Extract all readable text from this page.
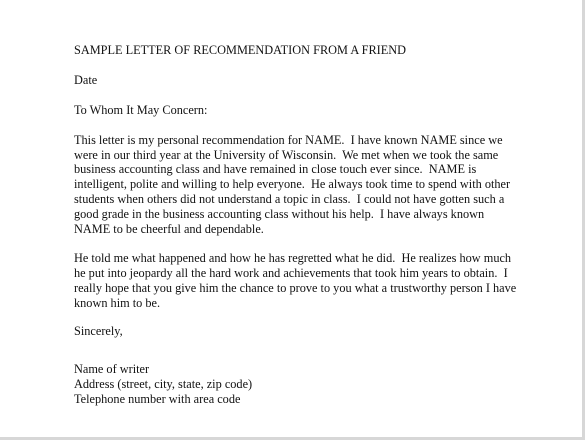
SAMPLE LETTER OF RECOMMENDATION FROM A FRIEND
Date
To Whom It May Concern:
This letter is my personal recommendation for NAME.  I have known NAME since we
were in our third year at the University of Wisconsin.  We met when we took the same
business accounting class and have remained in close touch ever since.  NAME is
intelligent, polite and willing to help everyone.  He always took time to spend with other
students when others did not understand a topic in class.  I could not have gotten such a
good grade in the business accounting class without his help.  I have always known
NAME to be cheerful and dependable.
He told me what happened and how he has regretted what he did.  He realizes how much
he put into jeopardy all the hard work and achievements that took him years to obtain.  I
really hope that you give him the chance to prove to you what a trustworthy person I have
known him to be.
Sincerely,
Name of writer
Address (street, city, state, zip code)
Telephone number with area code
